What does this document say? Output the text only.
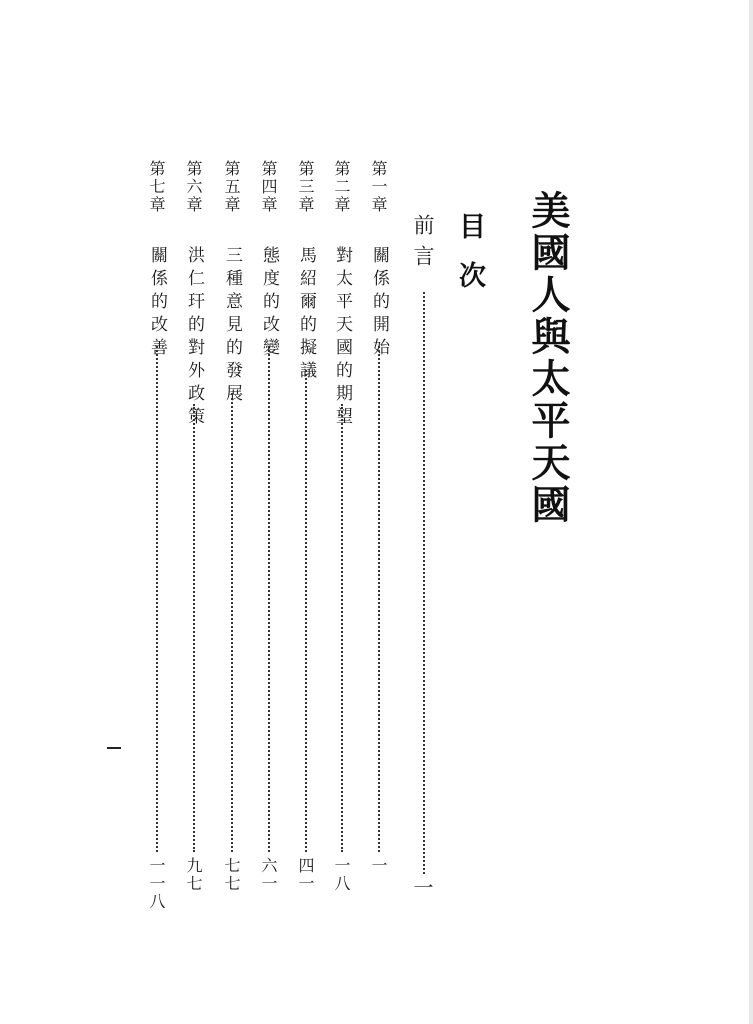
美國人與太平天國
目次
前言
一
第一章
關係的開始
一
第二章
對太平天國的期望
一八
第三章
馬紹爾的擬議
四一
第四章
態度的改變
六一
第五章
三種意見的發展
七七
第六章
洪仁玕的對外政策
九七
第七章
關係的改善
一一八
